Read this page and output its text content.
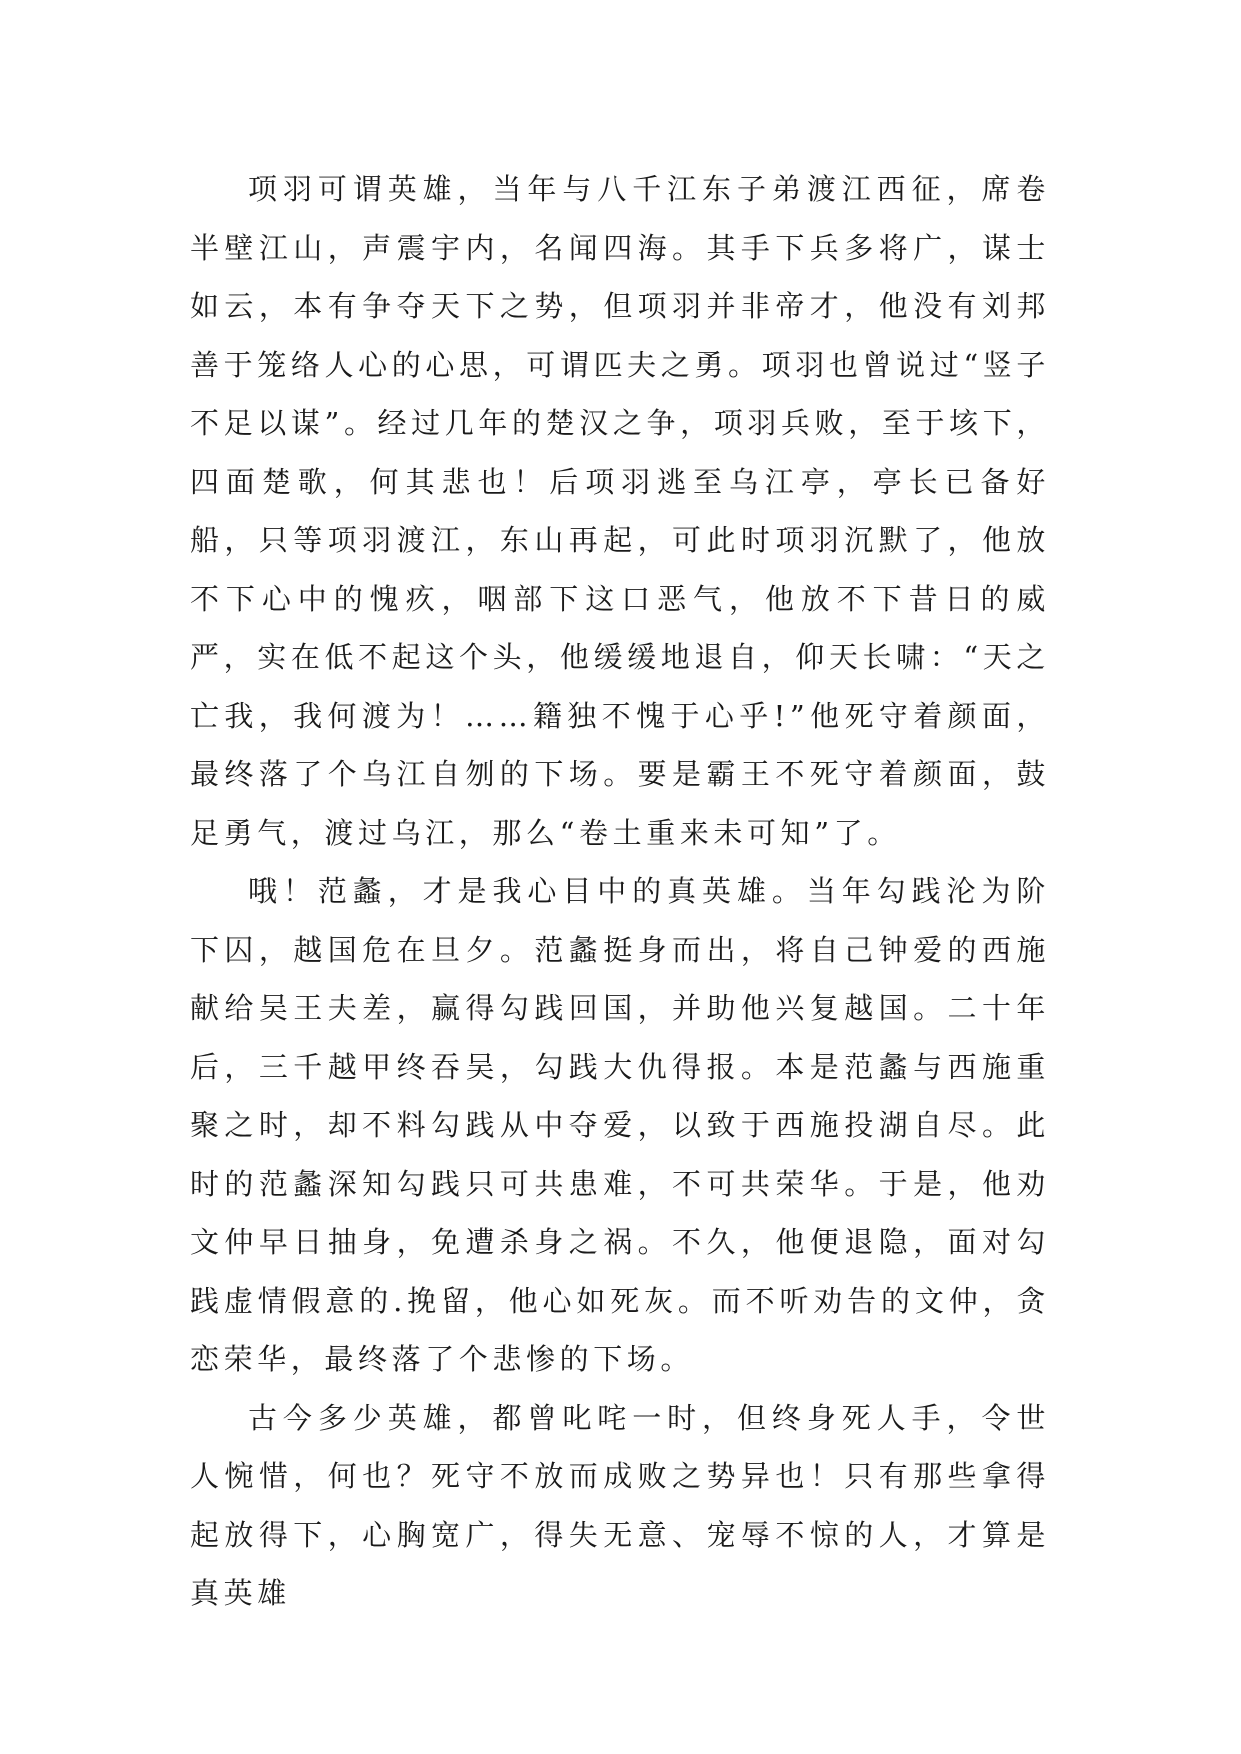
项羽可谓英雄，当年与八千江东子弟渡江西征，席卷半壁江山，声震宇内，名闻四海。其手下兵多将广，谋士如云，本有争夺天下之势，但项羽并非帝才，他没有刘邦善于笼络人心的心思，可谓匹夫之勇。项羽也曾说过“竖子不足以谋”。经过几年的楚汉之争，项羽兵败，至于垓下，四面楚歌，何其悲也！后项羽逃至乌江亭，亭长已备好船，只等项羽渡江，东山再起，可此时项羽沉默了，他放不下心中的愧疚，咽部下这口恶气，他放不下昔日的威严，实在低不起这个头，他缓缓地退自，仰天长啸：“天之亡我，我何渡为！……籍独不愧于心乎!”他死守着颜面，最终落了个乌江自刎的下场。要是霸王不死守着颜面，鼓足勇气，渡过乌江，那么“卷土重来未可知”了。

哦！范蠡，才是我心目中的真英雄。当年勾践沦为阶下囚，越国危在旦夕。范蠡挺身而出，将自己钟爱的西施献给吴王夫差，赢得勾践回国，并助他兴复越国。二十年后，三千越甲终吞吴，勾践大仇得报。本是范蠡与西施重聚之时，却不料勾践从中夺爱，以致于西施投湖自尽。此时的范蠡深知勾践只可共患难，不可共荣华。于是，他劝文仲早日抽身，免遭杀身之祸。不久，他便退隐，面对勾践虚情假意的.挽留，他心如死灰。而不听劝告的文仲，贪恋荣华，最终落了个悲惨的下场。

古今多少英雄，都曾叱咤一时，但终身死人手，令世人惋惜，何也？死守不放而成败之势异也！只有那些拿得起放得下，心胸宽广，得失无意、宠辱不惊的人，才算是真英雄
